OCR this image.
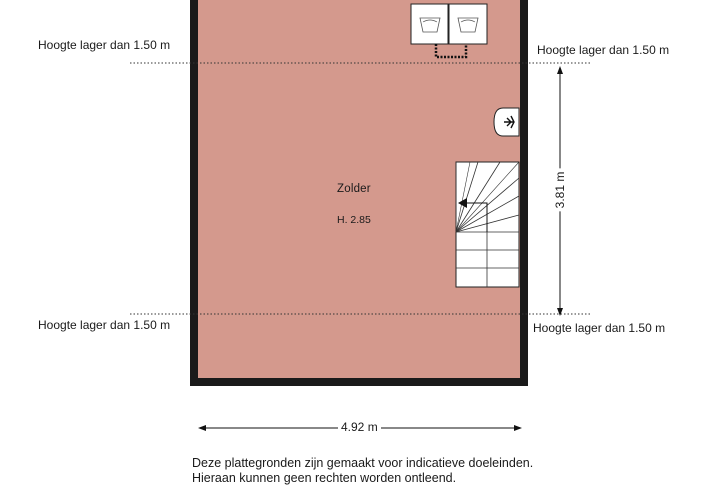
Hoogte lager dan 1.50 m	Hoogte lager dan 1.50 m
Hoogte lager dan 1.50 m	Hoogte lager dan 1.50 m
Zolder
H. 2.85
3.81 m
4.92 m
Deze plattegronden zijn gemaakt voor indicatieve doeleinden.
Hieraan kunnen geen rechten worden ontleend.
